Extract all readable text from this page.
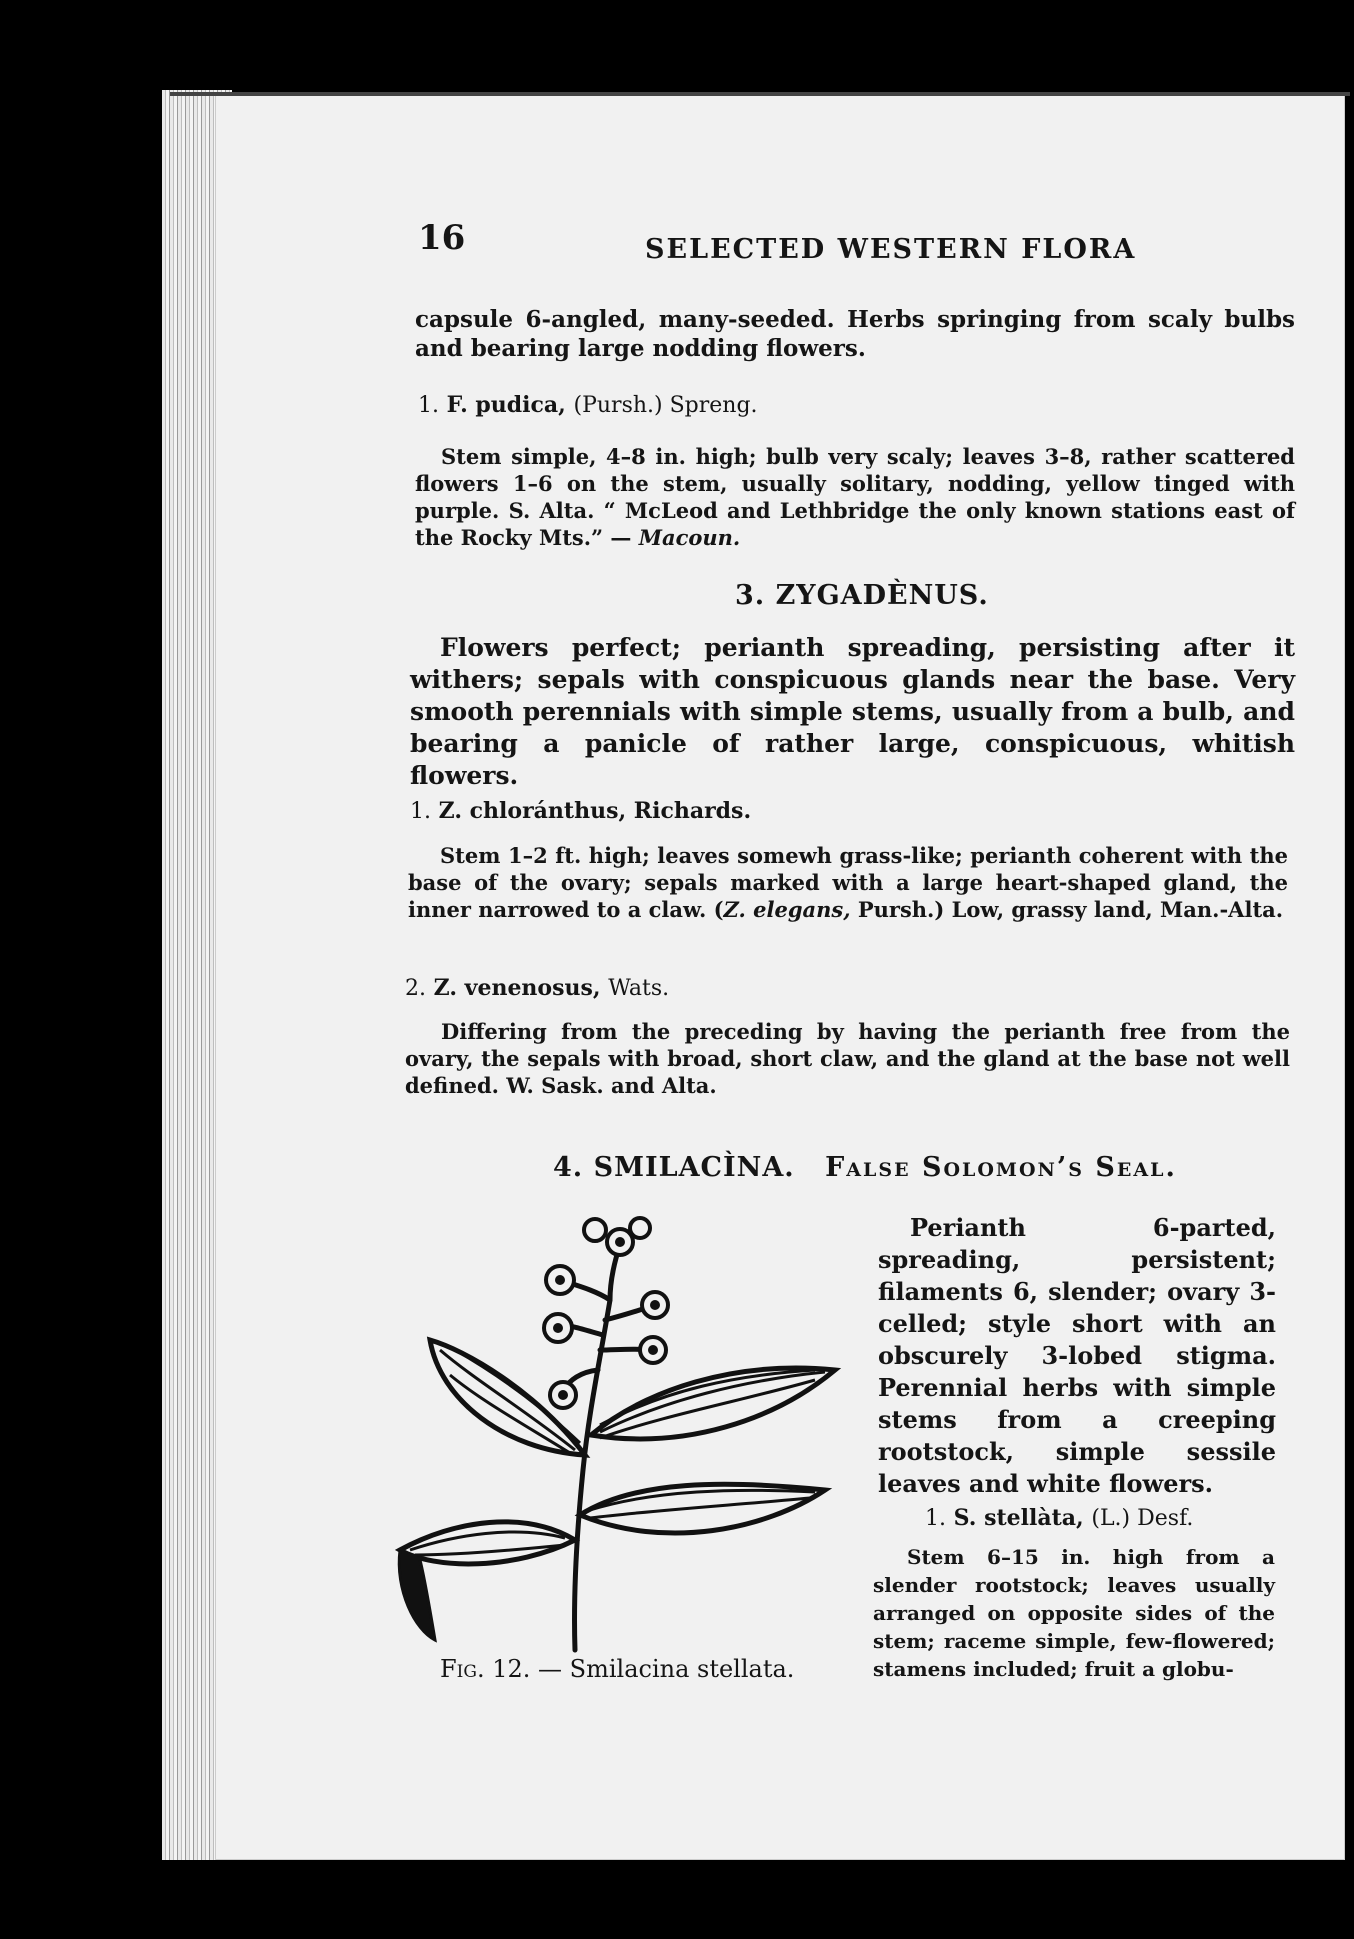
16	SELECTED WESTERN FLORA

capsule 6-angled, many-seeded. Herbs springing from scaly bulbs and bearing large nodding flowers.

1. F. pudica, (Pursh.) Spreng.

Stem simple, 4–8 in. high; bulb very scaly; leaves 3–8, rather scattered flowers 1–6 on the stem, usually solitary, nodding, yellow tinged with purple. S. Alta. “ McLeod and Lethbridge the only known stations east of the Rocky Mts.” — Macoun.

3. ZYGADÈNUS.

Flowers perfect; perianth spreading, persisting after it withers; sepals with conspicuous glands near the base. Very smooth perennials with simple stems, usually from a bulb, and bearing a panicle of rather large, conspicuous, whitish flowers.

1. Z. chloránthus, Richards.

Stem 1–2 ft. high; leaves somewh grass-like; perianth coherent with the base of the ovary; sepals marked with a large heart-shaped gland, the inner narrowed to a claw. (Z. elegans, Pursh.) Low, grassy land, Man.-Alta.

2. Z. venenosus, Wats.

Differing from the preceding by having the perianth free from the ovary, the sepals with broad, short claw, and the gland at the base not well defined. W. Sask. and Alta.

4. SMILACÌNA. False Solomon’s Seal.

Perianth 6-parted, spreading, persistent; filaments 6, slender; ovary 3-celled; style short with an obscurely 3-lobed stigma. Perennial herbs with simple stems from a creeping rootstock, simple sessile leaves and white flowers.

1. S. stellàta, (L.) Desf.

Stem 6–15 in. high from a slender rootstock; leaves usually arranged on opposite sides of the stem; raceme simple, few-flowered; stamens included; fruit a globu-

Fig. 12. — Smilacina stellata.
